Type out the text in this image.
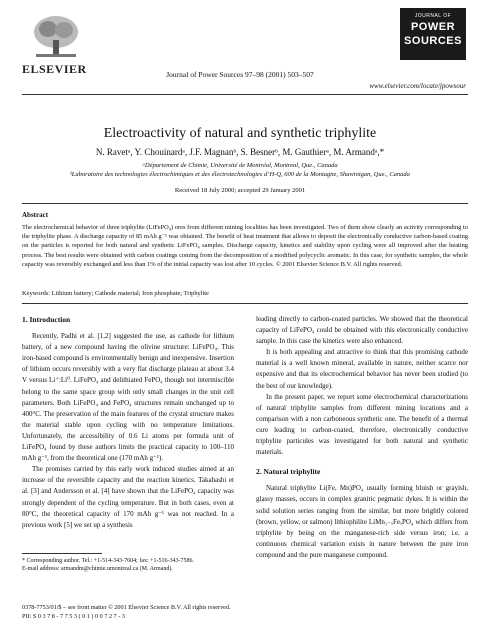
ELSEVIER	Journal of Power Sources 97–98 (2001) 503–507
JOURNAL OF
POWER
SOURCES
www.elsevier.com/locate/jpowsour
Electroactivity of natural and synthetic triphylite
N. Ravetᵃ, Y. Chouinardᵃ, J.F. Magnanᵇ, S. Besnerᵇ, M. Gauthierᵃ, M. Armandᵃ,*
ᵃDépartement de Chimie, Université de Montréal, Montreal, Que., Canada
ᵇLaboratoire des technologies électrochimiques et des électrotechnologies d’H-Q, 600 de la Montagne, Shawinigan, Que., Canada
Received 18 July 2000; accepted 29 January 2001
Abstract
The electrochemical behavior of three triphylite (LiFePO₄) ores from different mining localities has been investigated. Two of them show clearly an activity corresponding to the triphylite phase. A discharge capacity of 85 mAh g⁻¹ was obtained. The benefit of heat treatment that allows to deposit the electronically conductive carbon-based coating on the particles is reported for both natural and synthetic LiFePO₄ samples. Discharge capacity, kinetics and stability upon cycling were all improved after the heating process. The best results were obtained with carbon coatings coming from the decomposition of a modified polycyclic aromatic. In this case, for synthetic samples, the whole capacity was reversibly exchanged and less than 1% of the initial capacity was lost after 10 cycles. © 2001 Elsevier Science B.V. All rights reserved.
Keywords: Lithium battery; Cathode material; Iron phosphate; Triphylite
1. Introduction

Recently, Padhi et al. [1,2] suggested the use, as cathode for lithium battery, of a new compound having the olivine structure: LiFePO₄. This iron-based compound is environmentally benign and inexpensive. Insertion of lithium occurs reversibly with a very flat discharge plateau at about 3.4 V versus Li⁺:Li⁰. LiFePO₄ and delithiated FePO₄ though not intermiscible belong to the same space group with only small changes in the unit cell parameters. Both LiFePO₄ and FePO₄ structures remain unchanged up to 400°C. The preservation of the main features of the crystal structure makes the material stable upon cycling with no temperature limitations. Unfortunately, the accessibility of 0.6 Li atoms per formula unit of LiFePO₄ found by these authors limits the practical capacity to 100–110 mAh g⁻¹, from the theoretical one (170 mAh g⁻¹).

The promises carried by this early work induced studies aimed at an increase of the reversible capacity and the reaction kinetics. Takahashi et al. [3] and Andersson et al. [4] have shown that the LiFePO₄ capacity was strongly dependent of the cycling temperature. But in both cases, even at 80°C, the theoretical capacity of 170 mAh g⁻¹ was not reached. In a previous work [5] we set up a synthesis

leading directly to carbon-coated particles. We showed that the theoretical capacity of LiFePO₄ could be obtained with this electronically conductive sample. In this case the kinetics were also enhanced.

It is both appealing and attractive to think that this promising cathode material is a well known mineral, available in nature, neither scarce nor expensive and that its electrochemical behavior has never been studied (to the best of our knowledge).

In the present paper, we report some electrochemical characterizations of natural triphylite samples from different mining locations and a comparison with a non carboneous synthetic one. The benefit of a thermal cure leading to carbon-coated, therefore, electronically conductive triphylite particules was investigated for both natural and synthetic materials.

2. Natural triphylite

Natural triphylite Li(Fe, Mn)PO₄ usually forming bluish or grayish, glassy masses, occurs in complex granitic pegmatic dykes. It is within the solid solution series ranging from the similar, but more brightly colored (brown, yellow, or salmon) lithiophilite LiMn₁₋ₓFeₓPO₄ which differs from triphylite by being on the manganese-rich side versus iron; i.e. a continuous chemical variation exists in nature between the pure iron compound and the pure manganese compound.

* Corresponding author. Tel.: +1-514-343-7604; fax: +1-516-343-7586.
E-mail address: armandm@chimie.umontreal.ca (M. Armand).
0378-7753/01/$ – see front matter © 2001 Elsevier Science B.V. All rights reserved.
PII: S 0 3 7 8 - 7 7 5 3 ( 0 1 ) 0 0 7 2 7 - 3
